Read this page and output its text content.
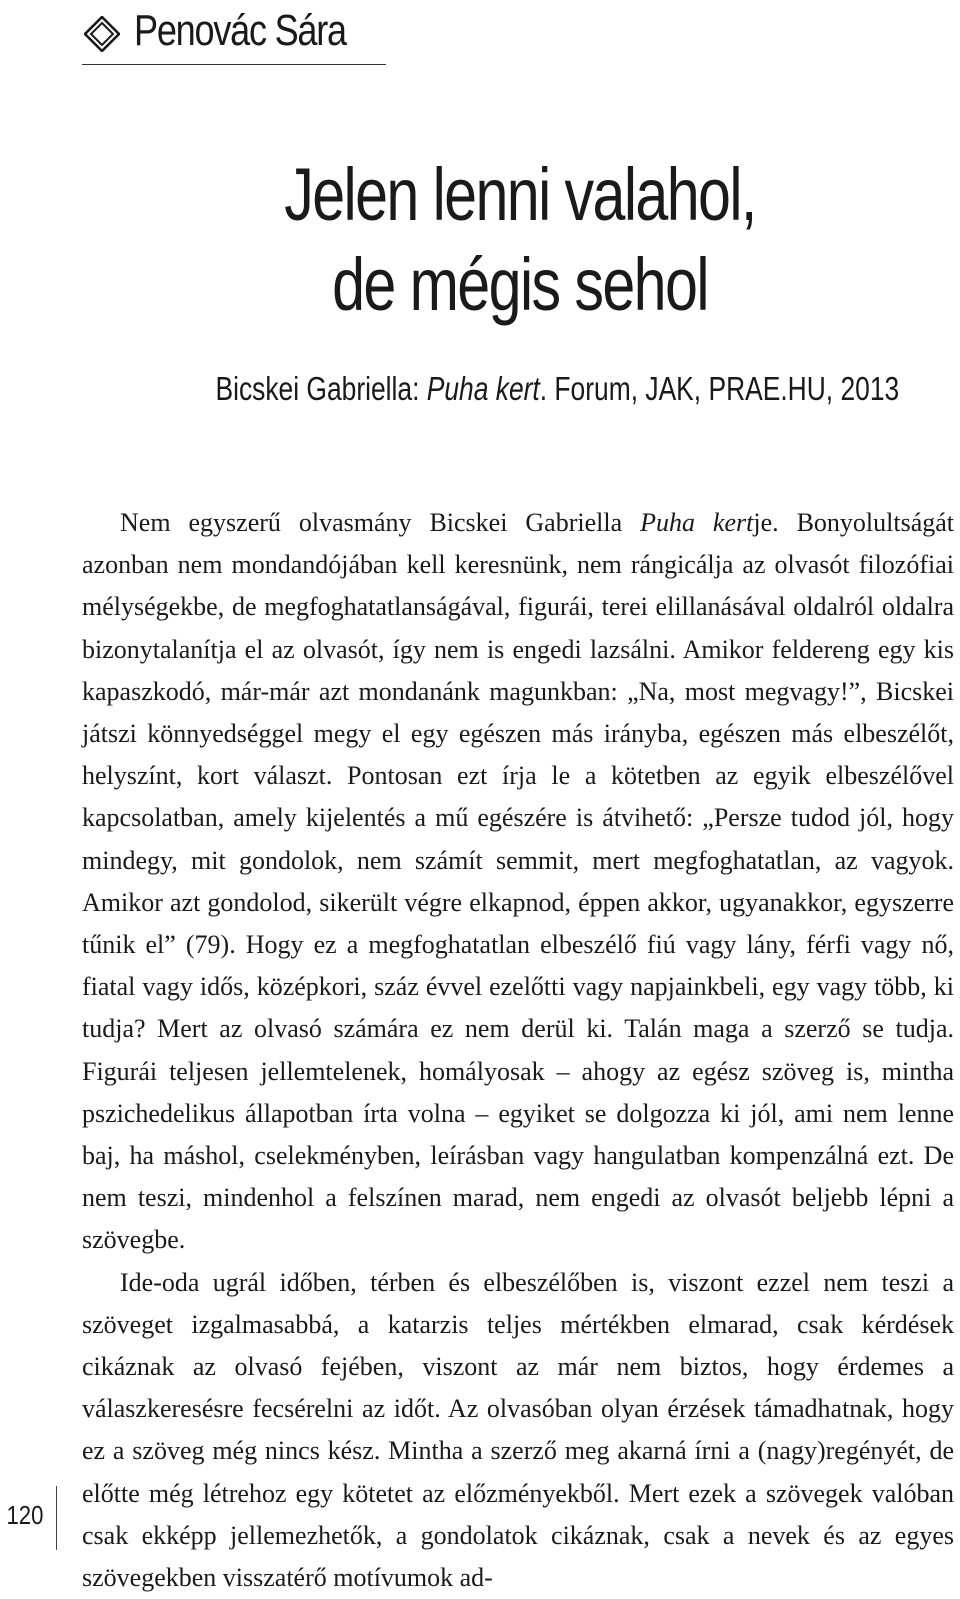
Penovác Sára
Jelen lenni valahol,
de mégis sehol
Bicskei Gabriella: Puha kert. Forum, JAK, PRAE.HU, 2013

Nem egyszerű olvasmány Bicskei Gabriella Puha kertje. Bonyolultságát azonban nem mondandójában kell keresnünk, nem rángicálja az olvasót filozófiai mélységekbe, de megfoghatatlanságával, figurái, terei elillanásával oldalról oldalra bizonytalanítja el az olvasót, így nem is engedi lazsálni. Amikor feldereng egy kis kapaszkodó, már-már azt mondanánk magunkban: „Na, most megvagy!”, Bicskei játszi könnyedséggel megy el egy egészen más irányba, egészen más elbeszélőt, helyszínt, kort választ. Pontosan ezt írja le a kötetben az egyik elbeszélővel kapcsolatban, amely kijelentés a mű egészére is átvihető: „Persze tudod jól, hogy mindegy, mit gondolok, nem számít semmit, mert megfoghatatlan, az vagyok. Amikor azt gondolod, sikerült végre elkapnod, éppen akkor, ugyanakkor, egyszerre tűnik el” (79). Hogy ez a megfoghatatlan elbeszélő fiú vagy lány, férfi vagy nő, fiatal vagy idős, középkori, száz évvel ezelőtti vagy napjainkbeli, egy vagy több, ki tudja? Mert az olvasó számára ez nem derül ki. Talán maga a szerző se tudja. Figurái teljesen jellemtelenek, homályosak – ahogy az egész szöveg is, mintha pszichedelikus állapotban írta volna – egyiket se dolgozza ki jól, ami nem lenne baj, ha máshol, cselekményben, leírásban vagy hangulatban kompenzálná ezt. De nem teszi, mindenhol a felszínen marad, nem engedi az olvasót beljebb lépni a szövegbe.

Ide-oda ugrál időben, térben és elbeszélőben is, viszont ezzel nem teszi a szöveget izgalmasabbá, a katarzis teljes mértékben elmarad, csak kérdések cikáznak az olvasó fejében, viszont az már nem biztos, hogy érdemes a válaszkeresésre fecsérelni az időt. Az olvasóban olyan érzések támadhatnak, hogy ez a szöveg még nincs kész. Mintha a szerző meg akarná írni a (nagy)regényét, de előtte még létrehoz egy kötetet az előzményekből. Mert ezek a szövegek valóban csak ekképp jellemezhetők, a gondolatok cikáznak, csak a nevek és az egyes szövegekben visszatérő motívumok ad-

120
